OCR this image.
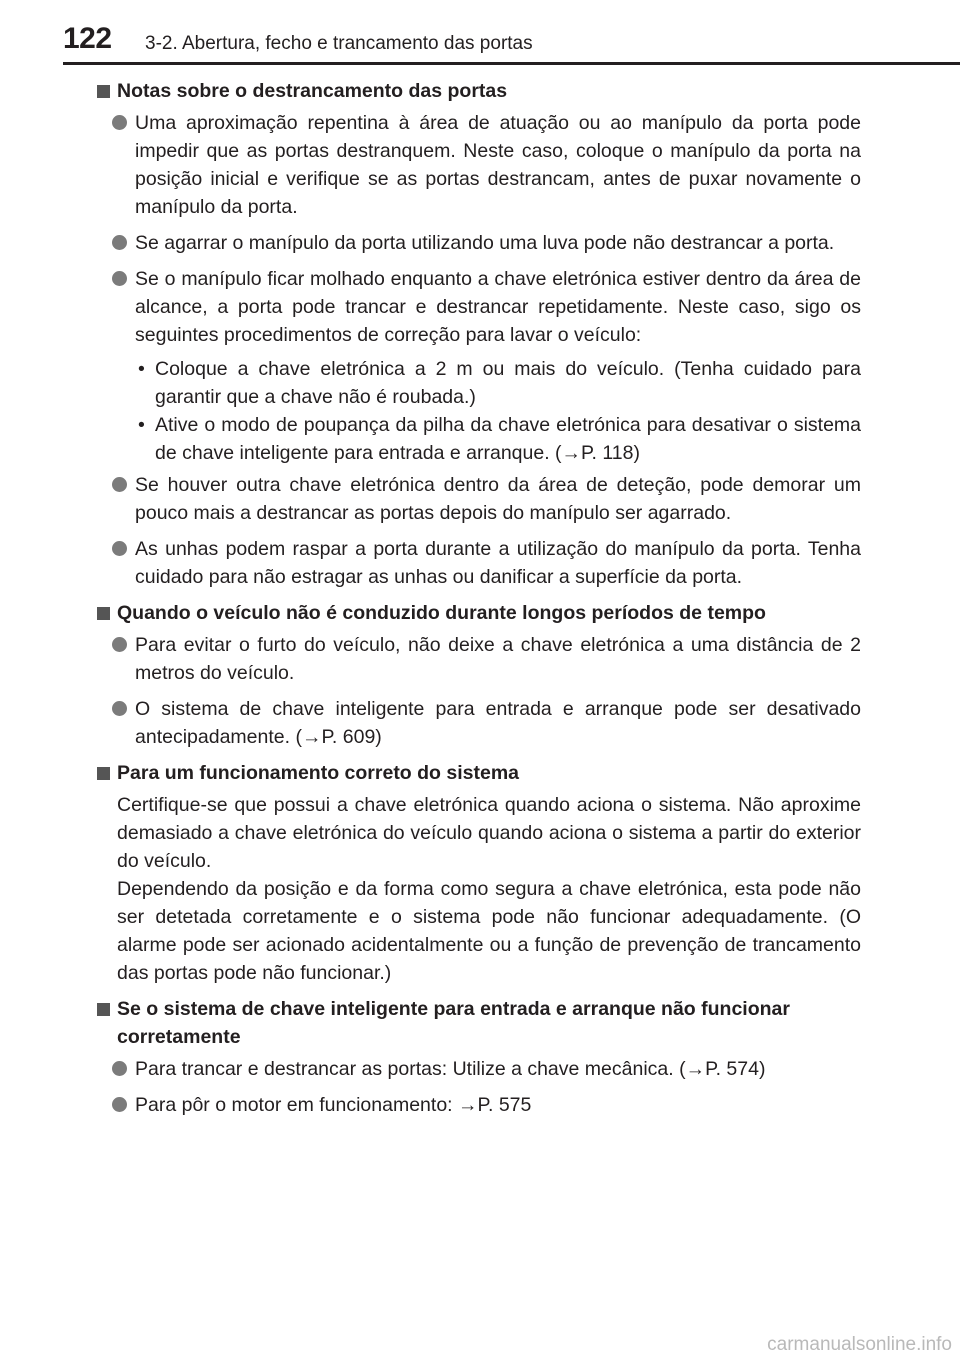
122 3-2. Abertura, fecho e trancamento das portas
Notas sobre o destrancamento das portas
Uma aproximação repentina à área de atuação ou ao manípulo da porta pode impedir que as portas destranquem. Neste caso, coloque o manípulo da porta na posição inicial e verifique se as portas destrancam, antes de puxar novamente o manípulo da porta.
Se agarrar o manípulo da porta utilizando uma luva pode não destrancar a porta.
Se o manípulo ficar molhado enquanto a chave eletrónica estiver dentro da área de alcance, a porta pode trancar e destrancar repetidamente. Neste caso, sigo os seguintes procedimentos de correção para lavar o veículo:
• Coloque a chave eletrónica a 2 m ou mais do veículo. (Tenha cuidado para garantir que a chave não é roubada.)
• Ative o modo de poupança da pilha da chave eletrónica para desativar o sistema de chave inteligente para entrada e arranque. (→P. 118)
Se houver outra chave eletrónica dentro da área de deteção, pode demorar um pouco mais a destrancar as portas depois do manípulo ser agarrado.
As unhas podem raspar a porta durante a utilização do manípulo da porta. Tenha cuidado para não estragar as unhas ou danificar a superfície da porta.
Quando o veículo não é conduzido durante longos períodos de tempo
Para evitar o furto do veículo, não deixe a chave eletrónica a uma distância de 2 metros do veículo.
O sistema de chave inteligente para entrada e arranque pode ser desativado antecipadamente. (→P. 609)
Para um funcionamento correto do sistema

Certifique-se que possui a chave eletrónica quando aciona o sistema. Não aproxime demasiado a chave eletrónica do veículo quando aciona o sistema a partir do exterior do veículo.
Dependendo da posição e da forma como segura a chave eletrónica, esta pode não ser detetada corretamente e o sistema pode não funcionar adequadamente. (O alarme pode ser acionado acidentalmente ou a função de prevenção de trancamento das portas pode não funcionar.)

Se o sistema de chave inteligente para entrada e arranque não funcionar corretamente
Para trancar e destrancar as portas: Utilize a chave mecânica. (→P. 574)
Para pôr o motor em funcionamento: →P. 575
carmanualsonline.info
